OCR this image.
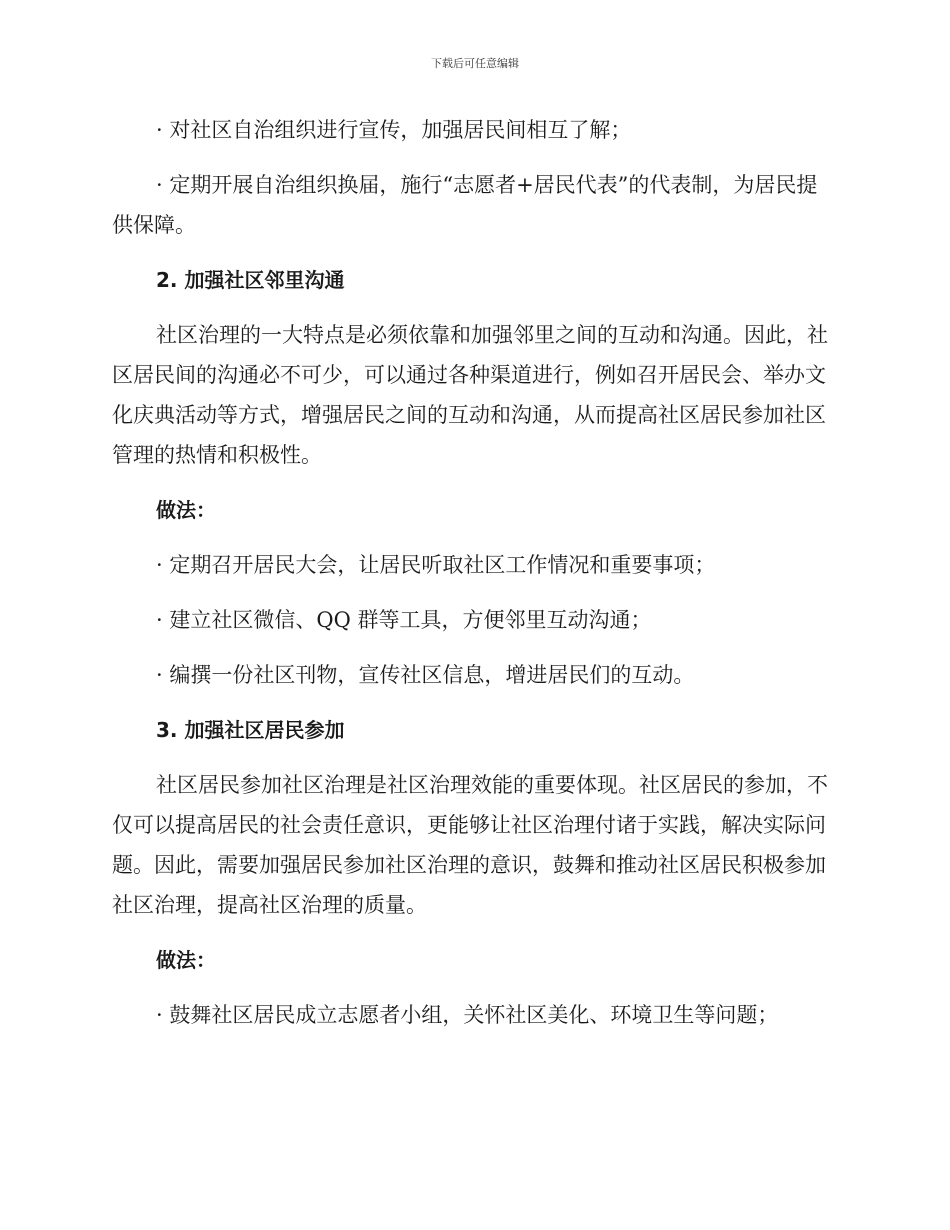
下载后可任意编辑

· 对社区自治组织进行宣传，加强居民间相互了解；

· 定期开展自治组织换届，施行“志愿者+居民代表”的代表制，为居民提供保障。

2. 加强社区邻里沟通

社区治理的一大特点是必须依靠和加强邻里之间的互动和沟通。因此，社区居民间的沟通必不可少，可以通过各种渠道进行，例如召开居民会、举办文化庆典活动等方式，增强居民之间的互动和沟通，从而提高社区居民参加社区管理的热情和积极性。

做法：

· 定期召开居民大会，让居民听取社区工作情况和重要事项；

· 建立社区微信、QQ 群等工具，方便邻里互动沟通；

· 编撰一份社区刊物，宣传社区信息，增进居民们的互动。

3. 加强社区居民参加

社区居民参加社区治理是社区治理效能的重要体现。社区居民的参加，不仅可以提高居民的社会责任意识，更能够让社区治理付诸于实践，解决实际问题。因此，需要加强居民参加社区治理的意识，鼓舞和推动社区居民积极参加社区治理，提高社区治理的质量。

做法：

· 鼓舞社区居民成立志愿者小组，关怀社区美化、环境卫生等问题；
